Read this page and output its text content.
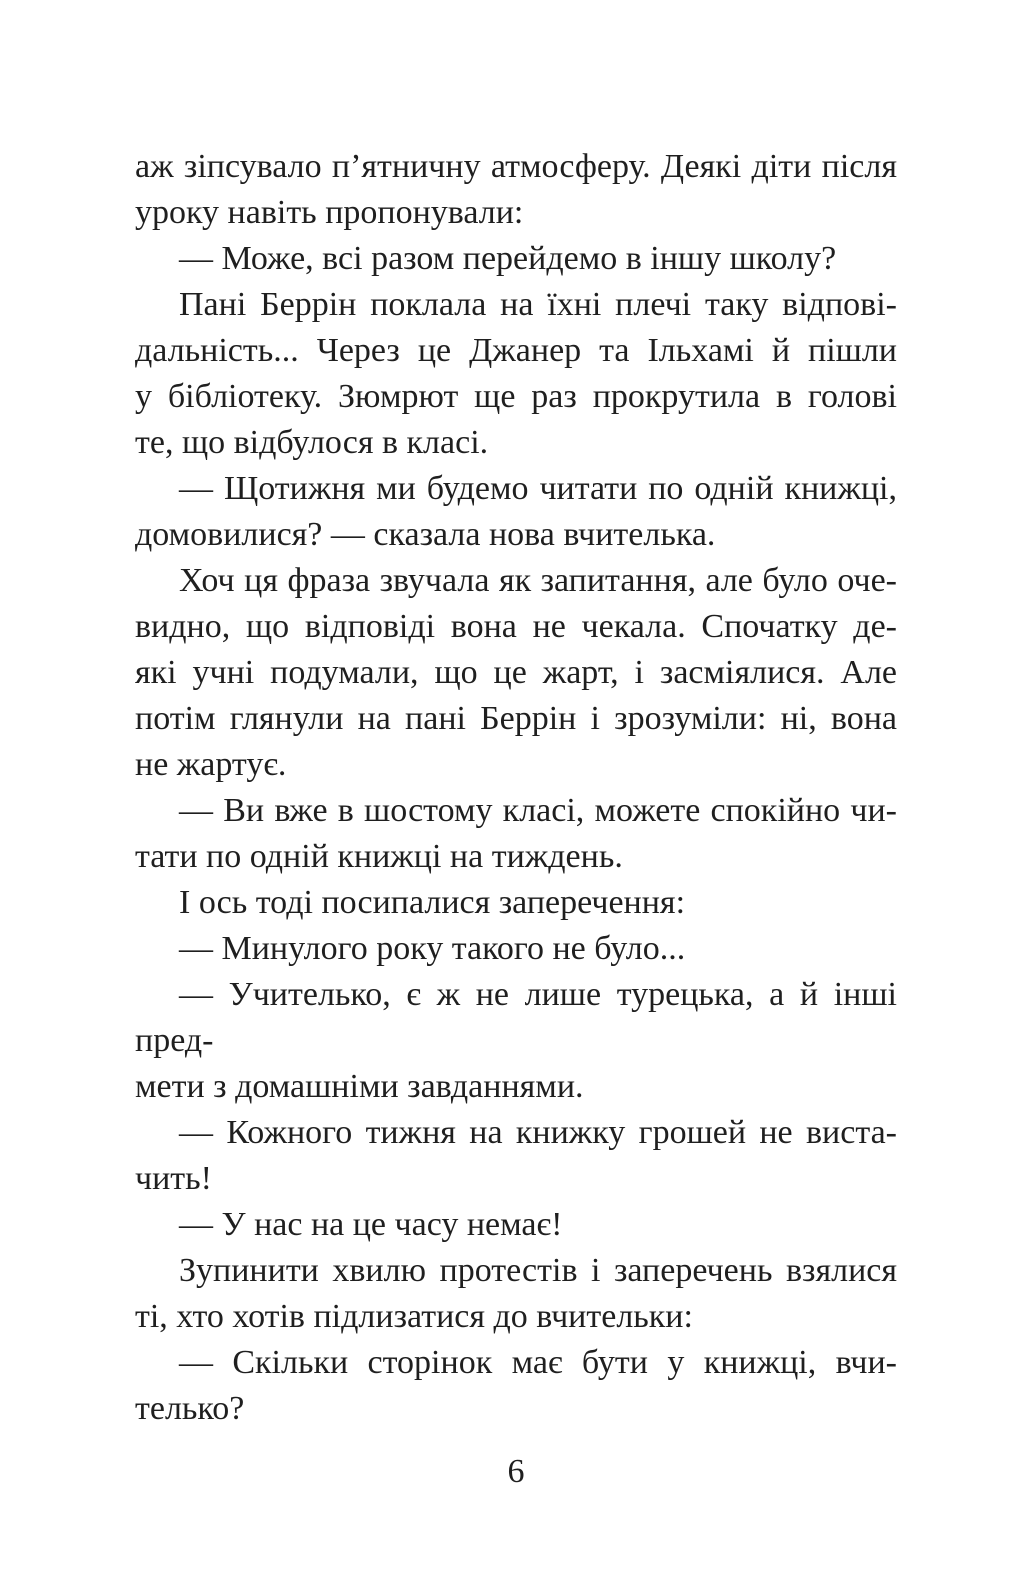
аж зіпсувало п’ятничну атмосферу. Деякі діти після
уроку навіть пропонували:
— Може, всі разом перейдемо в іншу школу?
Пані Беррін поклала на їхні плечі таку відпові-
дальність... Через це Джанер та Ільхамі й пішли
у бібліотеку. Зюмрют ще раз прокрутила в голові
те, що відбулося в класі.
— Щотижня ми будемо читати по одній книжці,
домовилися? — сказала нова вчителька.
Хоч ця фраза звучала як запитання, але було оче-
видно, що відповіді вона не чекала. Спочатку де-
які учні подумали, що це жарт, і засміялися. Але
потім глянули на пані Беррін і зрозуміли: ні, вона
не жартує.
— Ви вже в шостому класі, можете спокійно чи-
тати по одній книжці на тиждень.
І ось тоді посипалися заперечення:
— Минулого року такого не було...
— Учителько, є ж не лише турецька, а й інші пред-
мети з домашніми завданнями.
— Кожного тижня на книжку грошей не виста-
чить!
— У нас на це часу немає!
Зупинити хвилю протестів і заперечень взялися
ті, хто хотів підлизатися до вчительки:
— Скільки сторінок має бути у книжці, вчи-
телько?
6
